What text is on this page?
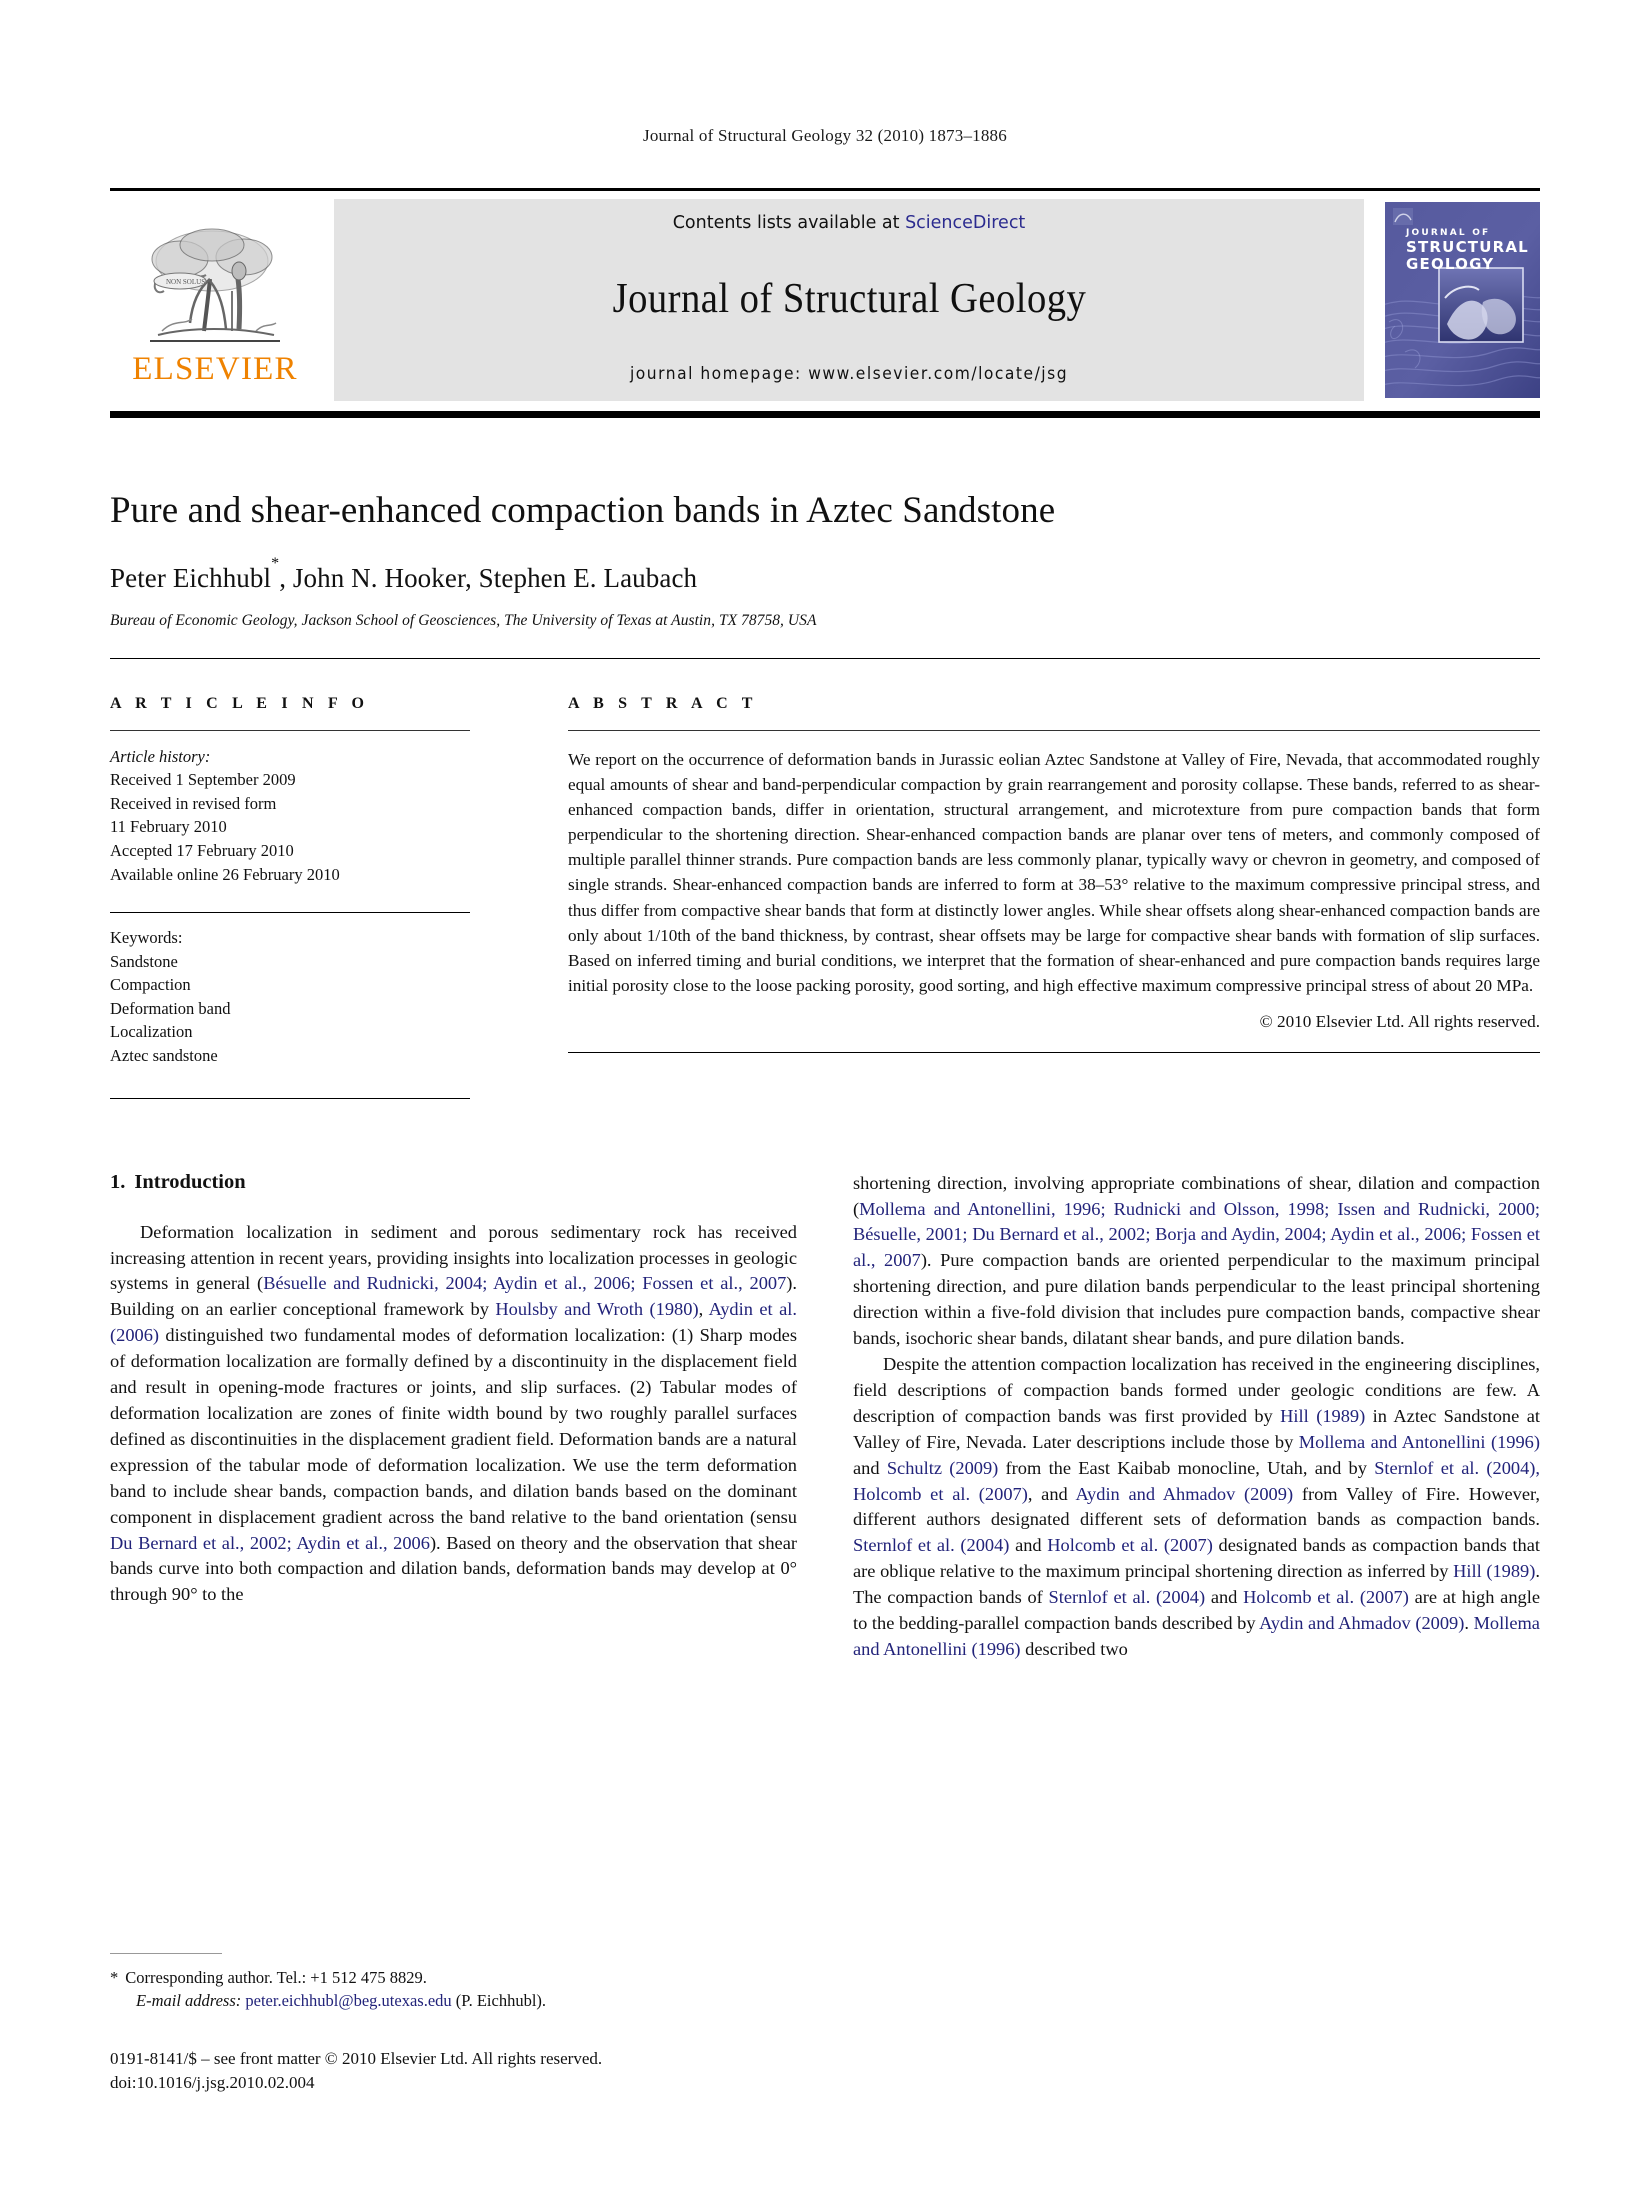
Journal of Structural Geology 32 (2010) 1873–1886
NON SOLUS
ELSEVIER
Contents lists available at ScienceDirect
Journal of Structural Geology
journal homepage: www.elsevier.com/locate/jsg
JOURNAL OF
STRUCTURAL
GEOLOGY
Pure and shear-enhanced compaction bands in Aztec Sandstone
Peter Eichhubl*, John N. Hooker, Stephen E. Laubach
Bureau of Economic Geology, Jackson School of Geosciences, The University of Texas at Austin, TX 78758, USA
A R T I C L E I N F O
Article history:
Received 1 September 2009
Received in revised form
11 February 2010
Accepted 17 February 2010
Available online 26 February 2010
Keywords:
Sandstone
Compaction
Deformation band
Localization
Aztec sandstone
A B S T R A C T
We report on the occurrence of deformation bands in Jurassic eolian Aztec Sandstone at Valley of Fire, Nevada, that accommodated roughly equal amounts of shear and band-perpendicular compaction by grain rearrangement and porosity collapse. These bands, referred to as shear-enhanced compaction bands, differ in orientation, structural arrangement, and microtexture from pure compaction bands that form perpendicular to the shortening direction. Shear-enhanced compaction bands are planar over tens of meters, and commonly composed of multiple parallel thinner strands. Pure compaction bands are less commonly planar, typically wavy or chevron in geometry, and composed of single strands. Shear-enhanced compaction bands are inferred to form at 38–53° relative to the maximum compressive principal stress, and thus differ from compactive shear bands that form at distinctly lower angles. While shear offsets along shear-enhanced compaction bands are only about 1/10th of the band thickness, by contrast, shear offsets may be large for compactive shear bands with formation of slip surfaces. Based on inferred timing and burial conditions, we interpret that the formation of shear-enhanced and pure compaction bands requires large initial porosity close to the loose packing porosity, good sorting, and high effective maximum compressive principal stress of about 20 MPa.
© 2010 Elsevier Ltd. All rights reserved.
1. Introduction

Deformation localization in sediment and porous sedimentary rock has received increasing attention in recent years, providing insights into localization processes in geologic systems in general (Bésuelle and Rudnicki, 2004; Aydin et al., 2006; Fossen et al., 2007). Building on an earlier conceptional framework by Houlsby and Wroth (1980), Aydin et al. (2006) distinguished two fundamental modes of deformation localization: (1) Sharp modes of deformation localization are formally defined by a discontinuity in the displacement field and result in opening-mode fractures or joints, and slip surfaces. (2) Tabular modes of deformation localization are zones of finite width bound by two roughly parallel surfaces defined as discontinuities in the displacement gradient field. Deformation bands are a natural expression of the tabular mode of deformation localization. We use the term deformation band to include shear bands, compaction bands, and dilation bands based on the dominant component in displacement gradient across the band relative to the band orientation (sensu Du Bernard et al., 2002; Aydin et al., 2006). Based on theory and the observation that shear bands curve into both compaction and dilation bands, deformation bands may develop at 0° through 90° to the

shortening direction, involving appropriate combinations of shear, dilation and compaction (Mollema and Antonellini, 1996; Rudnicki and Olsson, 1998; Issen and Rudnicki, 2000; Bésuelle, 2001; Du Bernard et al., 2002; Borja and Aydin, 2004; Aydin et al., 2006; Fossen et al., 2007). Pure compaction bands are oriented perpendicular to the maximum principal shortening direction, and pure dilation bands perpendicular to the least principal shortening direction within a five-fold division that includes pure compaction bands, compactive shear bands, isochoric shear bands, dilatant shear bands, and pure dilation bands.

Despite the attention compaction localization has received in the engineering disciplines, field descriptions of compaction bands formed under geologic conditions are few. A description of compaction bands was first provided by Hill (1989) in Aztec Sandstone at Valley of Fire, Nevada. Later descriptions include those by Mollema and Antonellini (1996) and Schultz (2009) from the East Kaibab monocline, Utah, and by Sternlof et al. (2004), Holcomb et al. (2007), and Aydin and Ahmadov (2009) from Valley of Fire. However, different authors designated different sets of deformation bands as compaction bands. Sternlof et al. (2004) and Holcomb et al. (2007) designated bands as compaction bands that are oblique relative to the maximum principal shortening direction as inferred by Hill (1989). The compaction bands of Sternlof et al. (2004) and Holcomb et al. (2007) are at high angle to the bedding-parallel compaction bands described by Aydin and Ahmadov (2009). Mollema and Antonellini (1996) described two

* Corresponding author. Tel.: +1 512 475 8829.
E-mail address: peter.eichhubl@beg.utexas.edu (P. Eichhubl).
0191-8141/$ – see front matter © 2010 Elsevier Ltd. All rights reserved.
doi:10.1016/j.jsg.2010.02.004
